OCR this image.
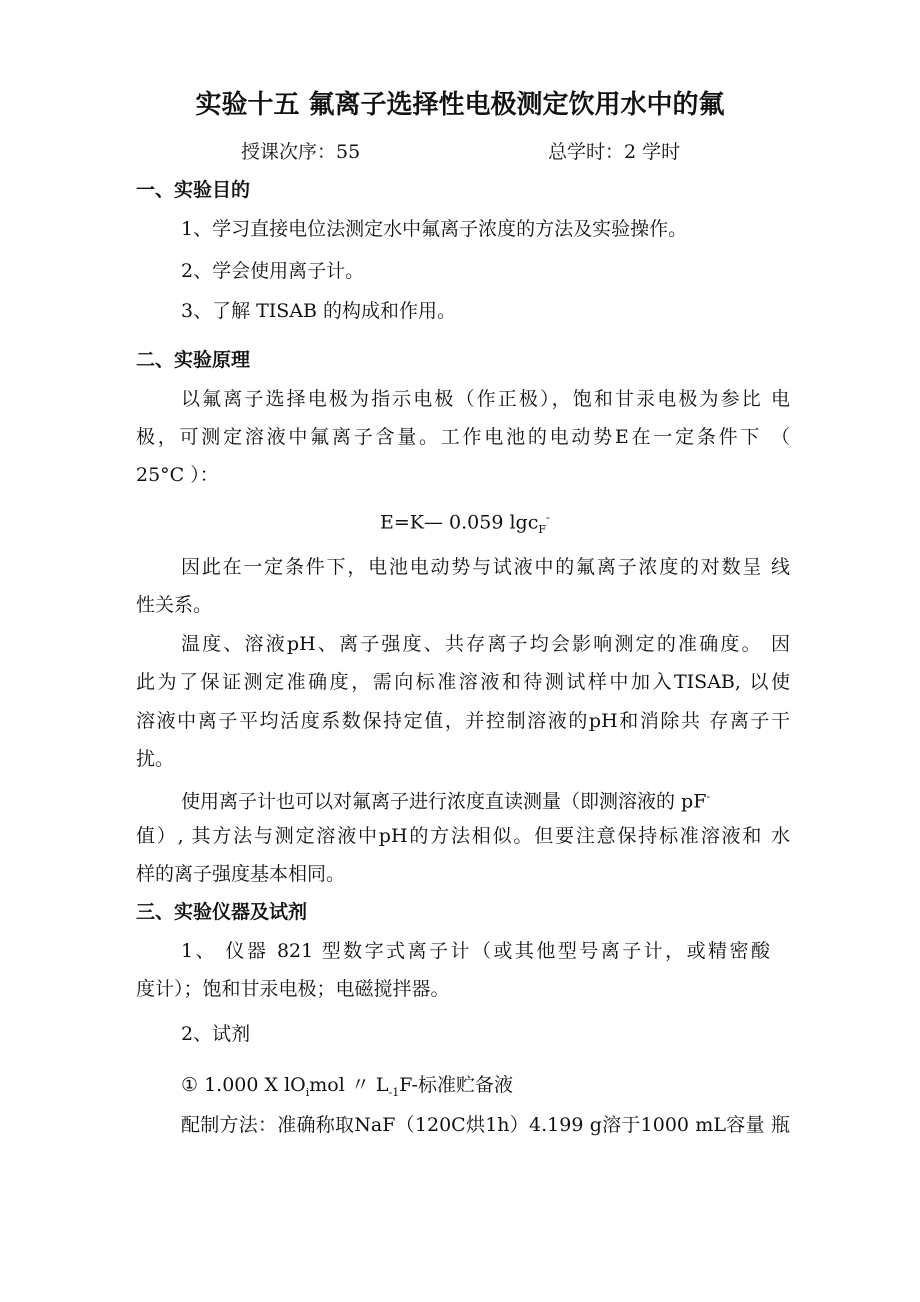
实验十五 氟离子选择性电极测定饮用水中的氟
授课次序：55	总学时：2 学时
一、实验目的
1、学习直接电位法测定水中氟离子浓度的方法及实验操作。
2、学会使用离子计。
3、了解 TISAB 的构成和作用。
二、实验原理
以氟离子选择电极为指示电极（作正极），饱和甘汞电极为参比 电
极，可测定溶液中氟离子含量。工作电池的电动势E在一定条件下 （
25°C ）：
E=K— 0.059 lgc$_F$-
因此在一定条件下，电池电动势与试液中的氟离子浓度的对数呈 线
性关系。
温度、溶液pH、离子强度、共存离子均会影响测定的准确度。 因
此为了保证测定准确度，需向标准溶液和待测试样中加入TISAB, 以使
溶液中离子平均活度系数保持定值，并控制溶液的pH和消除共 存离子干
扰。
使用离子计也可以对氟离子进行浓度直读测量（即测溶液的 pF-
值）, 其方法与测定溶液中pH的方法相似。但要注意保持标准溶液和 水
样的离子强度基本相同。
三、实验仪器及试剂
1、 仪器 821 型数字式离子计（或其他型号离子计，或精密酸
度计）；饱和甘汞电极；电磁搅拌器。
2、试剂
① 1.000 X $lO_imol$ 〃 $L_{-1}F-$标准贮备液
配制方法：准确称取NaF（120C烘1h）4.199 g溶于1000 mL容量 瓶
